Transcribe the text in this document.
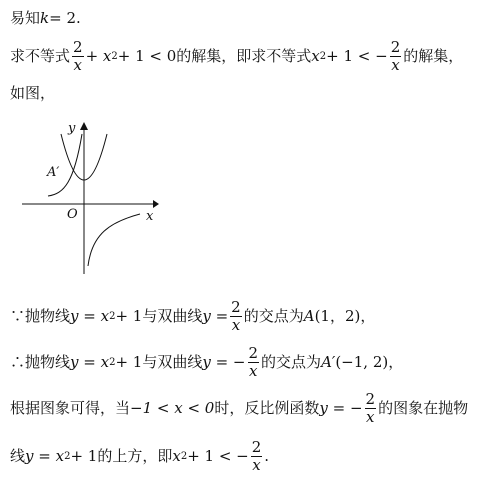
易知 k = 2 .
求不等式 $\frac{2}{x} + x$ 2 + 1 < 0 的解集，即求不等式 x 2 + 1 < − $\frac{2}{x}$ 的解集，
如图，
y
x
O
A′
∵抛物线 y = x 2 + 1 与双曲线 $y = \frac{2}{x}$ 的交点为 A (1，2) ，
∴抛物线 y = x 2 + 1 与双曲线 y = − $\frac{2}{x}$ 的交点为 A′ (−1, 2) ，
根据图象可得，当 −1 < x < 0 时，反比例函数 y = − $\frac{2}{x}$ 的图象在抛物
线 y = x 2 + 1 的上方，即 x 2 + 1 < − $\frac{2}{x}$ .
